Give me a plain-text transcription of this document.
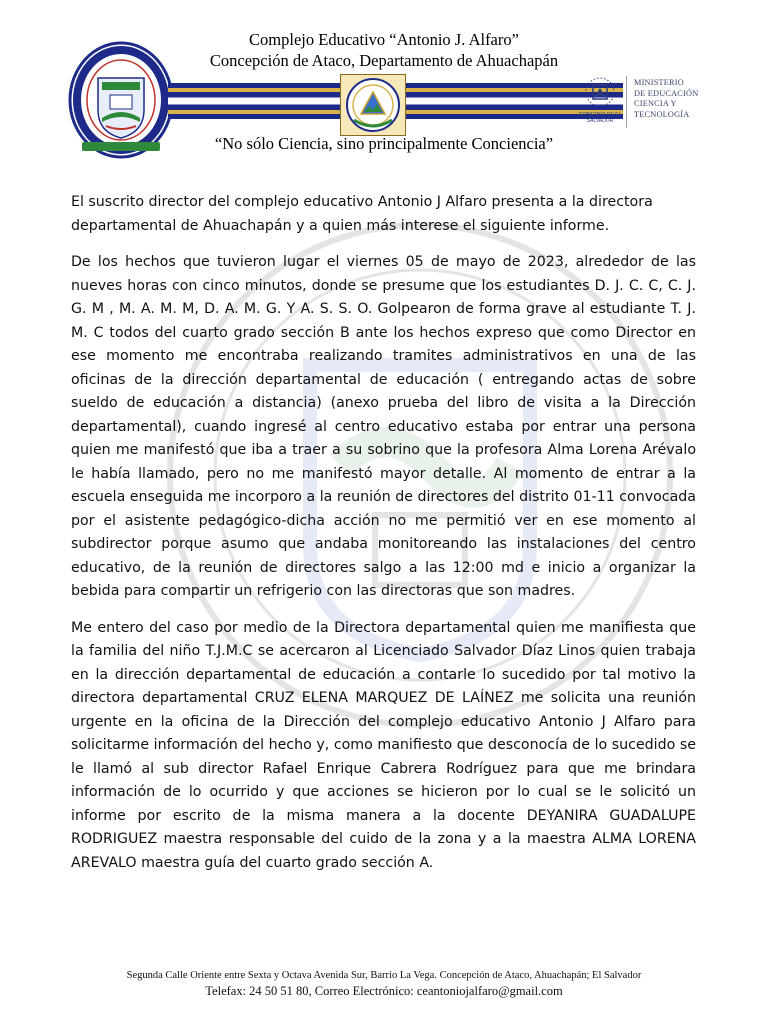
Complejo Educativo “Antonio J. Alfaro”
Concepción de Ataco, Departamento de Ahuachapán
GOBIERNO DE EL SALVADOR
MINISTERIO
DE EDUCACIÓN
CIENCIA Y
TECNOLOGÍA
“No sólo Ciencia, sino principalmente Conciencia”

El suscrito director del complejo educativo Antonio J Alfaro presenta a la directora departamental de Ahuachapán y a quien más interese el siguiente informe.

De los hechos que tuvieron lugar el viernes 05 de mayo de 2023, alrededor de las nueves horas con cinco minutos, donde se presume que los estudiantes D. J. C. C, C. J. G. M , M. A. M. M, D. A. M. G. Y A. S. S. O. Golpearon de forma grave al estudiante T. J. M. C todos del cuarto grado sección B ante los hechos expreso que como Director en ese momento me encontraba realizando tramites administrativos en una de las oficinas de la dirección departamental de educación ( entregando actas de sobre sueldo de educación a distancia) (anexo prueba del libro de visita a la Dirección departamental), cuando ingresé al centro educativo estaba por entrar una persona quien me manifestó que iba a traer a su sobrino que la profesora Alma Lorena Arévalo le había llamado, pero no me manifestó mayor detalle. Al momento de entrar a la escuela enseguida me incorporo a la reunión de directores del distrito 01-11 convocada por el asistente pedagógico-dicha acción no me permitió ver en ese momento al subdirector porque asumo que andaba monitoreando las instalaciones del centro educativo, de la reunión de directores salgo a las 12:00 md e inicio a organizar la bebida para compartir un refrigerio con las directoras que son madres.

Me entero del caso por medio de la Directora departamental quien me manifiesta que la familia del niño T.J.M.C se acercaron al Licenciado Salvador Díaz Linos quien trabaja en la dirección departamental de educación a contarle lo sucedido por tal motivo la directora departamental CRUZ ELENA MARQUEZ DE LAÍNEZ me solicita una reunión urgente en la oficina de la Dirección del complejo educativo Antonio J Alfaro para solicitarme información del hecho y, como manifiesto que desconocía de lo sucedido se le llamó al sub director Rafael Enrique Cabrera Rodríguez para que me brindara información de lo ocurrido y que acciones se hicieron por lo cual se le solicitó un informe por escrito de la misma manera a la docente DEYANIRA GUADALUPE RODRIGUEZ maestra responsable del cuido de la zona y a la maestra ALMA LORENA AREVALO maestra guía del cuarto grado sección A.

Segunda Calle Oriente entre Sexta y Octava Avenida Sur, Barrio La Vega. Concepción de Ataco, Ahuachapán; El Salvador
Telefax: 24 50 51 80, Correo Electrónico: ceantoniojalfaro@gmail.com
